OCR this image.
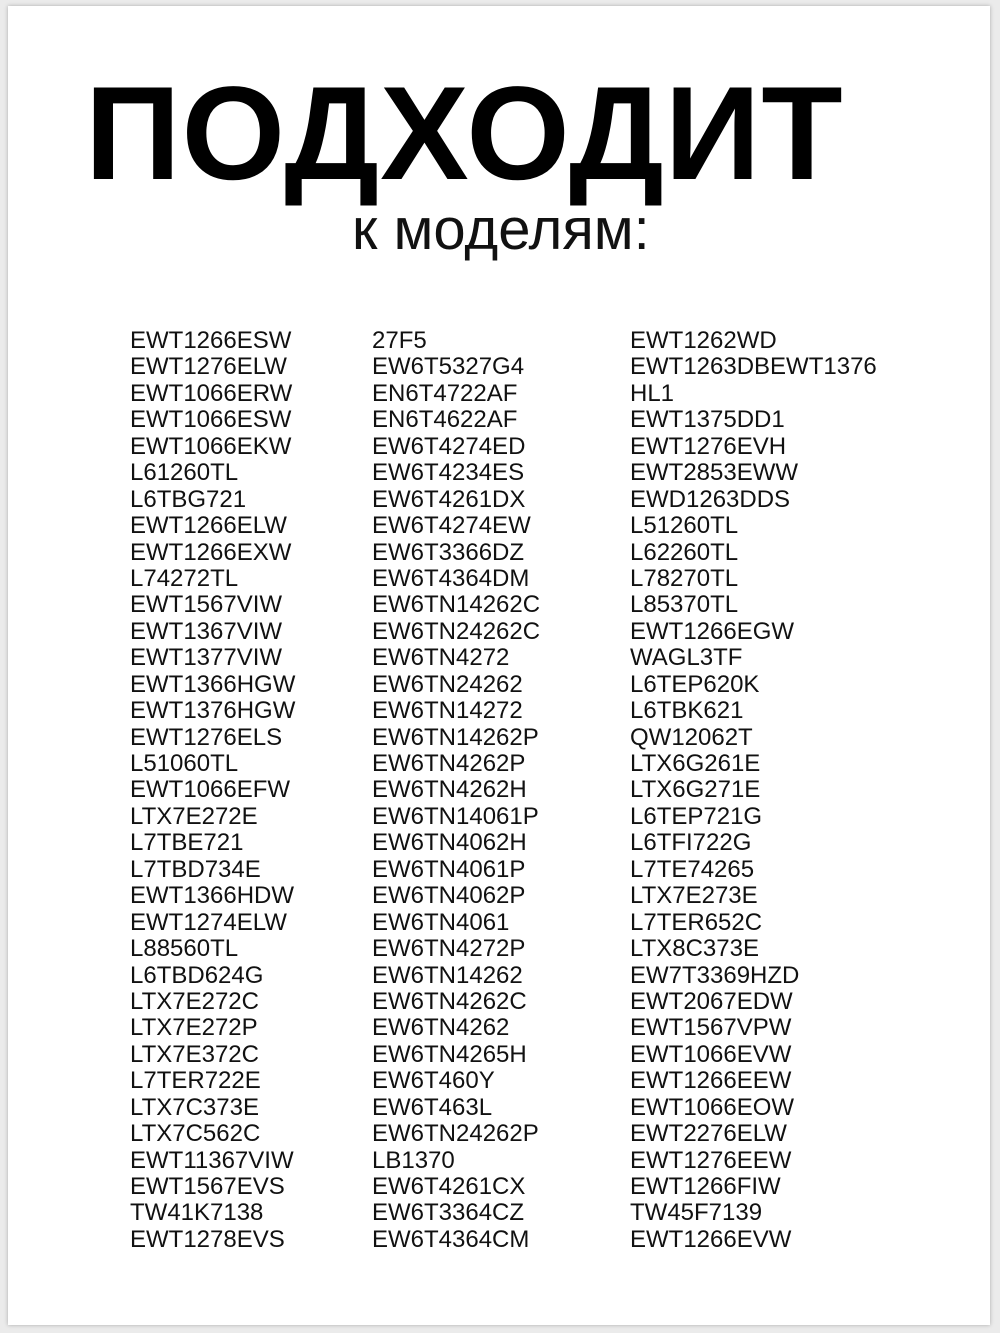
ПОДХОДИТ
к моделям:
EWT1266ESW
EWT1276ELW
EWT1066ERW
EWT1066ESW
EWT1066EKW
L61260TL
L6TBG721
EWT1266ELW
EWT1266EXW
L74272TL
EWT1567VIW
EWT1367VIW
EWT1377VIW
EWT1366HGW
EWT1376HGW
EWT1276ELS
L51060TL
EWT1066EFW
LTX7E272E
L7TBE721
L7TBD734E
EWT1366HDW
EWT1274ELW
L88560TL
L6TBD624G
LTX7E272C
LTX7E272P
LTX7E372C
L7TER722E
LTX7C373E
LTX7C562C
EWT11367VIW
EWT1567EVS
TW41K7138
EWT1278EVS
27F5
EW6T5327G4
EN6T4722AF
EN6T4622AF
EW6T4274ED
EW6T4234ES
EW6T4261DX
EW6T4274EW
EW6T3366DZ
EW6T4364DM
EW6TN14262C
EW6TN24262C
EW6TN4272
EW6TN24262
EW6TN14272
EW6TN14262P
EW6TN4262P
EW6TN4262H
EW6TN14061P
EW6TN4062H
EW6TN4061P
EW6TN4062P
EW6TN4061
EW6TN4272P
EW6TN14262
EW6TN4262C
EW6TN4262
EW6TN4265H
EW6T460Y
EW6T463L
EW6TN24262P
LB1370
EW6T4261CX
EW6T3364CZ
EW6T4364CM
EWT1262WD
EWT1263DBEWT1376
HL1
EWT1375DD1
EWT1276EVH
EWT2853EWW
EWD1263DDS
L51260TL
L62260TL
L78270TL
L85370TL
EWT1266EGW
WAGL3TF
L6TEP620K
L6TBK621
QW12062T
LTX6G261E
LTX6G271E
L6TEP721G
L6TFI722G
L7TE74265
LTX7E273E
L7TER652C
LTX8C373E
EW7T3369HZD
EWT2067EDW
EWT1567VPW
EWT1066EVW
EWT1266EEW
EWT1066EOW
EWT2276ELW
EWT1276EEW
EWT1266FIW
TW45F7139
EWT1266EVW
